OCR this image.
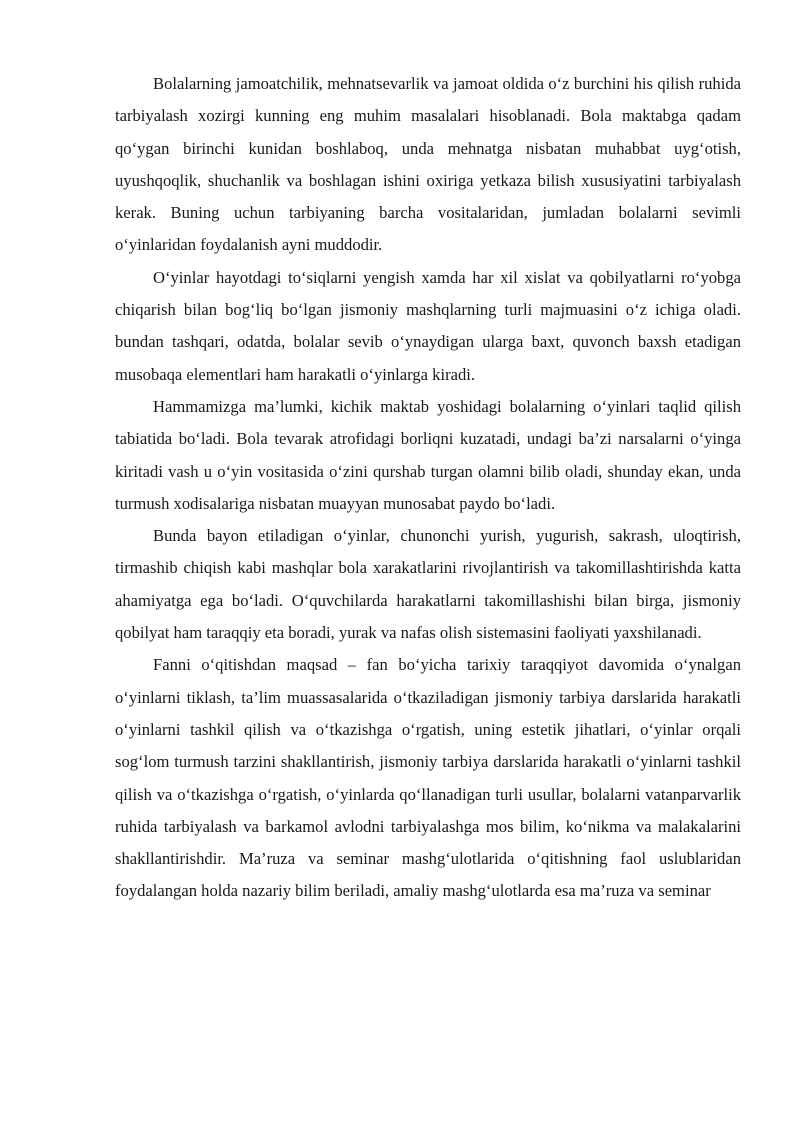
Bolalarning jamoatchilik, mehnatsevarlik va jamoat oldida o‘z burchini his qilish ruhida tarbiyalash xozirgi kunning eng muhim masalalari hisoblanadi. Bola maktabga qadam qo‘ygan birinchi kunidan boshlaboq, unda mehnatga nisbatan muhabbat uyg‘otish, uyushqoqlik, shuchanlik va boshlagan ishini oxiriga yetkaza bilish xususiyatini tarbiyalash kerak. Buning uchun tarbiyaning barcha vositalaridan, jumladan bolalarni sevimli o‘yinlaridan foydalanish ayni muddodir.

O‘yinlar hayotdagi to‘siqlarni yengish xamda har xil xislat va qobilyatlarni ro‘yobga chiqarish bilan bog‘liq bo‘lgan jismoniy mashqlarning turli majmuasini o‘z ichiga oladi. bundan tashqari, odatda, bolalar sevib o‘ynaydigan ularga baxt, quvonch baxsh etadigan musobaqa elementlari ham harakatli o‘yinlarga kiradi.

Hammamizga ma’lumki, kichik maktab yoshidagi bolalarning o‘yinlari taqlid qilish tabiatida bo‘ladi. Bola tevarak atrofidagi borliqni kuzatadi, undagi ba’zi narsalarni o‘yinga kiritadi vash u o‘yin vositasida o‘zini qurshab turgan olamni bilib oladi, shunday ekan, unda turmush xodisalariga nisbatan muayyan munosabat paydo bo‘ladi.

Bunda bayon etiladigan o‘yinlar, chunonchi yurish, yugurish, sakrash, uloqtirish, tirmashib chiqish kabi mashqlar bola xarakatlarini rivojlantirish va takomillashtirishda katta ahamiyatga ega bo‘ladi. O‘quvchilarda harakatlarni takomillashishi bilan birga, jismoniy qobilyat ham taraqqiy eta boradi, yurak va nafas olish sistemasini faoliyati yaxshilanadi.

Fanni o‘qitishdan maqsad – fan bo‘yicha tarixiy taraqqiyot davomida o‘ynalgan o‘yinlarni tiklash, ta’lim muassasalarida o‘tkaziladigan jismoniy tarbiya darslarida harakatli o‘yinlarni tashkil qilish va o‘tkazishga o‘rgatish, uning estetik jihatlari, o‘yinlar orqali sog‘lom turmush tarzini shakllantirish, jismoniy tarbiya darslarida harakatli o‘yinlarni tashkil qilish va o‘tkazishga o‘rgatish, o‘yinlarda qo‘llanadigan turli usullar, bolalarni vatanparvarlik ruhida tarbiyalash va barkamol avlodni tarbiyalashga mos bilim, ko‘nikma va malakalarini shakllantirishdir. Ma’ruza va seminar mashg‘ulotlarida o‘qitishning faol uslublaridan foydalangan holda nazariy bilim beriladi, amaliy mashg‘ulotlarda esa ma’ruza va seminar
